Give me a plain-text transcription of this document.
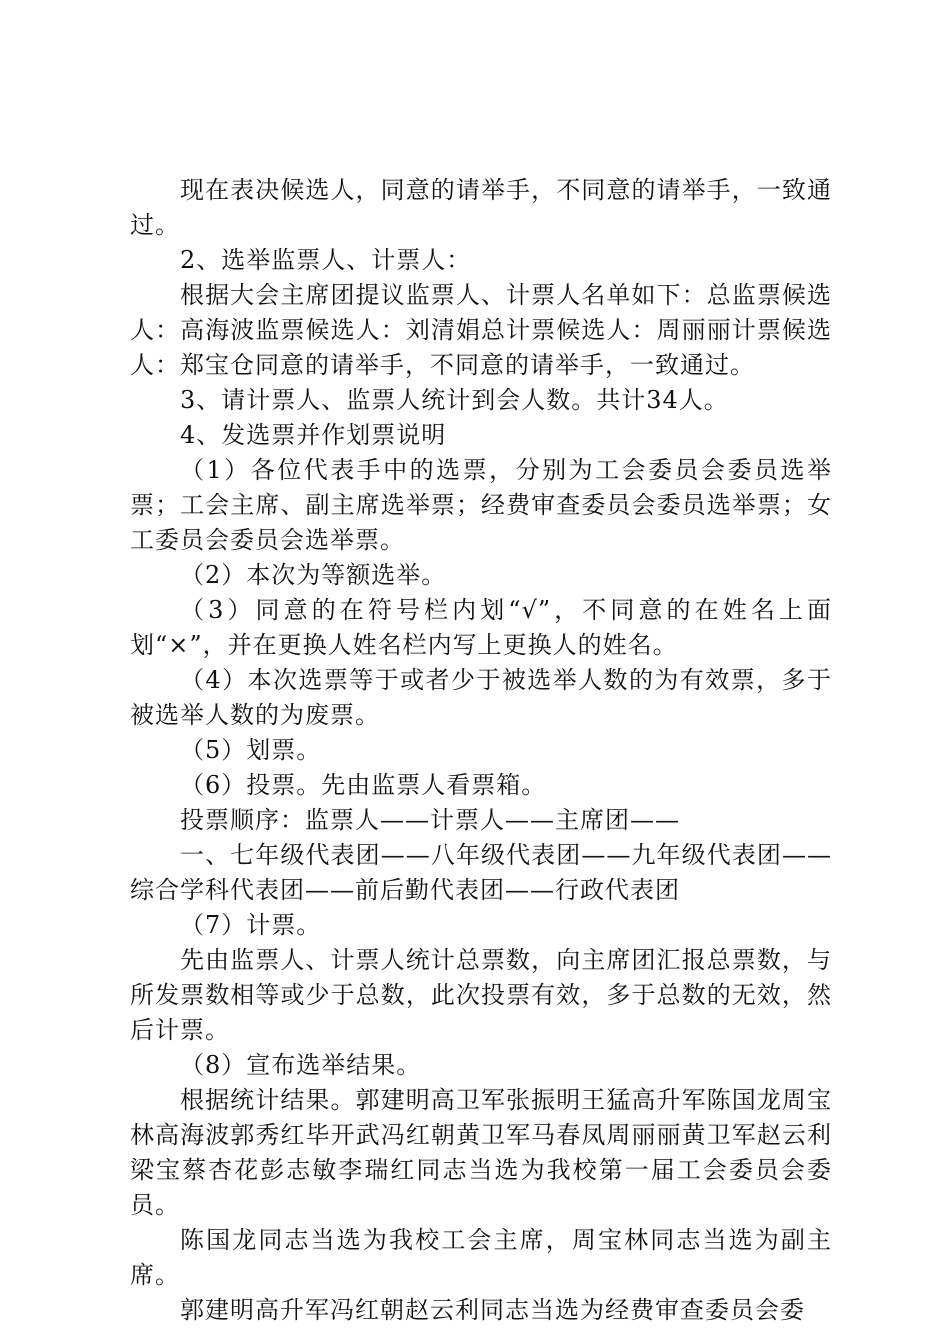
现在表决候选人，同意的请举手，不同意的请举手，一致通过。

2、选举监票人、计票人：

根据大会主席团提议监票人、计票人名单如下：总监票候选人：高海波监票候选人：刘清娟总计票候选人：周丽丽计票候选人：郑宝仓同意的请举手，不同意的请举手，一致通过。

3、请计票人、监票人统计到会人数。共计34人。

4、发选票并作划票说明

（1）各位代表手中的选票，分别为工会委员会委员选举票；工会主席、副主席选举票；经费审查委员会委员选举票；女工委员会委员会选举票。

（2）本次为等额选举。

（3）同意的在符号栏内划“√”，不同意的在姓名上面划“×”，并在更换人姓名栏内写上更换人的姓名。

（4）本次选票等于或者少于被选举人数的为有效票，多于被选举人数的为废票。

（5）划票。

（6）投票。先由监票人看票箱。

投票顺序：监票人——计票人——主席团——

一、七年级代表团——八年级代表团——九年级代表团——综合学科代表团——前后勤代表团——行政代表团

（7）计票。

先由监票人、计票人统计总票数，向主席团汇报总票数，与所发票数相等或少于总数，此次投票有效，多于总数的无效，然后计票。

（8）宣布选举结果。

根据统计结果。郭建明高卫军张振明王猛高升军陈国龙周宝林高海波郭秀红毕开武冯红朝黄卫军马春凤周丽丽黄卫军赵云利梁宝蔡杏花彭志敏李瑞红同志当选为我校第一届工会委员会委员。

陈国龙同志当选为我校工会主席，周宝林同志当选为副主席。

郭建明高升军冯红朝赵云利同志当选为经费审查委员会委
